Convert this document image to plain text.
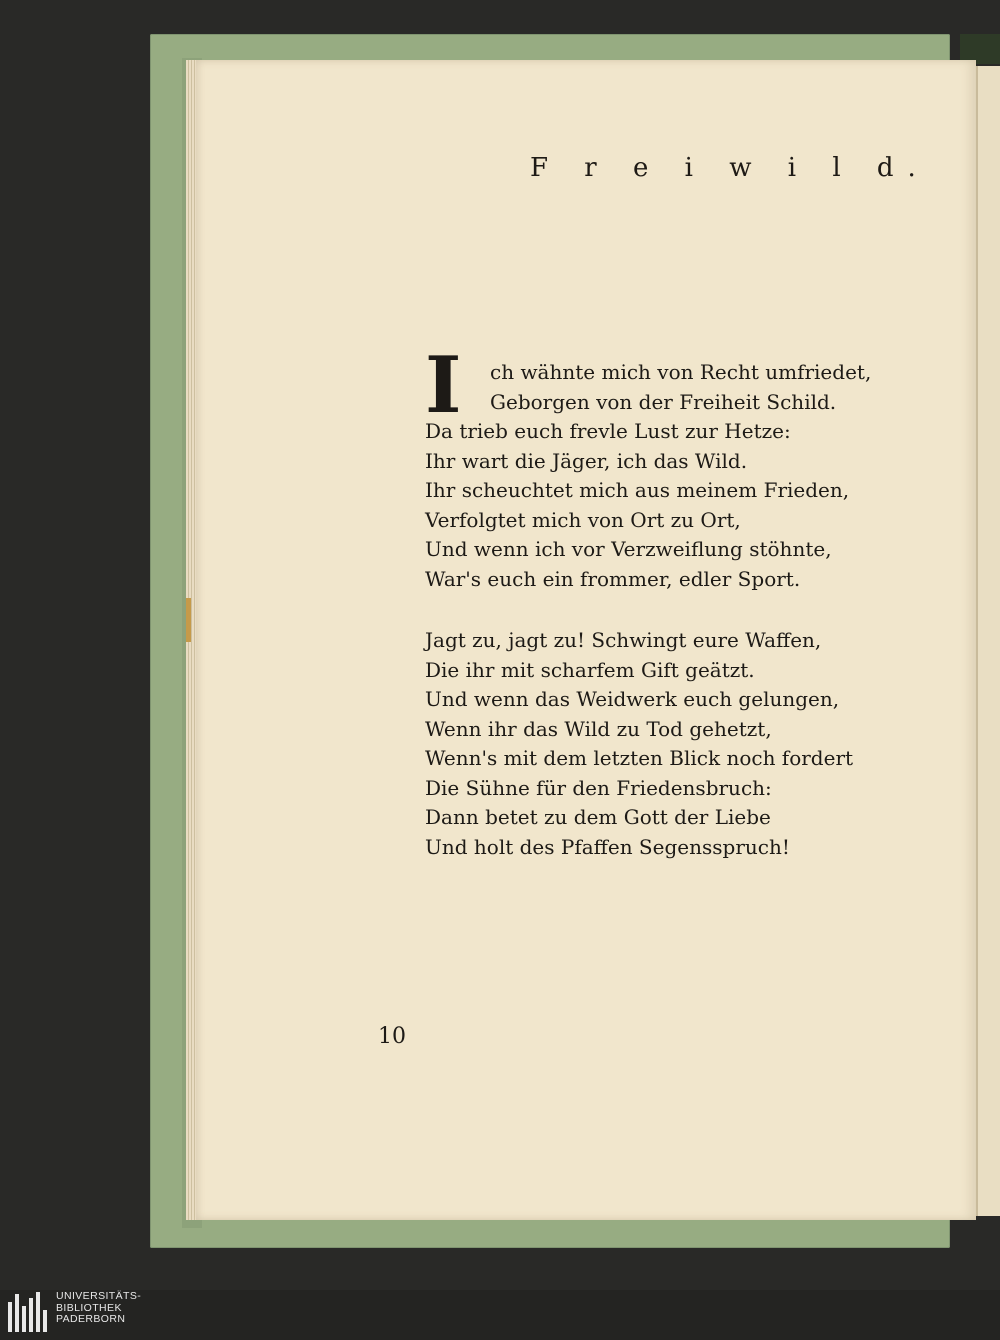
F r e i w i l d.
I	ch wähnte mich von Recht umfriedet,
Geborgen von der Freiheit Schild.
Da trieb euch frevle Lust zur Hetze:
Ihr wart die Jäger, ich das Wild.
Ihr scheuchtet mich aus meinem Frieden,
Verfolgtet mich von Ort zu Ort,
Und wenn ich vor Verzweiflung stöhnte,
War's euch ein frommer, edler Sport.
Jagt zu, jagt zu! Schwingt eure Waffen,
Die ihr mit scharfem Gift geätzt.
Und wenn das Weidwerk euch gelungen,
Wenn ihr das Wild zu Tod gehetzt,
Wenn's mit dem letzten Blick noch fordert
Die Sühne für den Friedensbruch:
Dann betet zu dem Gott der Liebe
Und holt des Pfaffen Segensspruch!
10
UNIVERSITÄTS-
BIBLIOTHEK
PADERBORN
